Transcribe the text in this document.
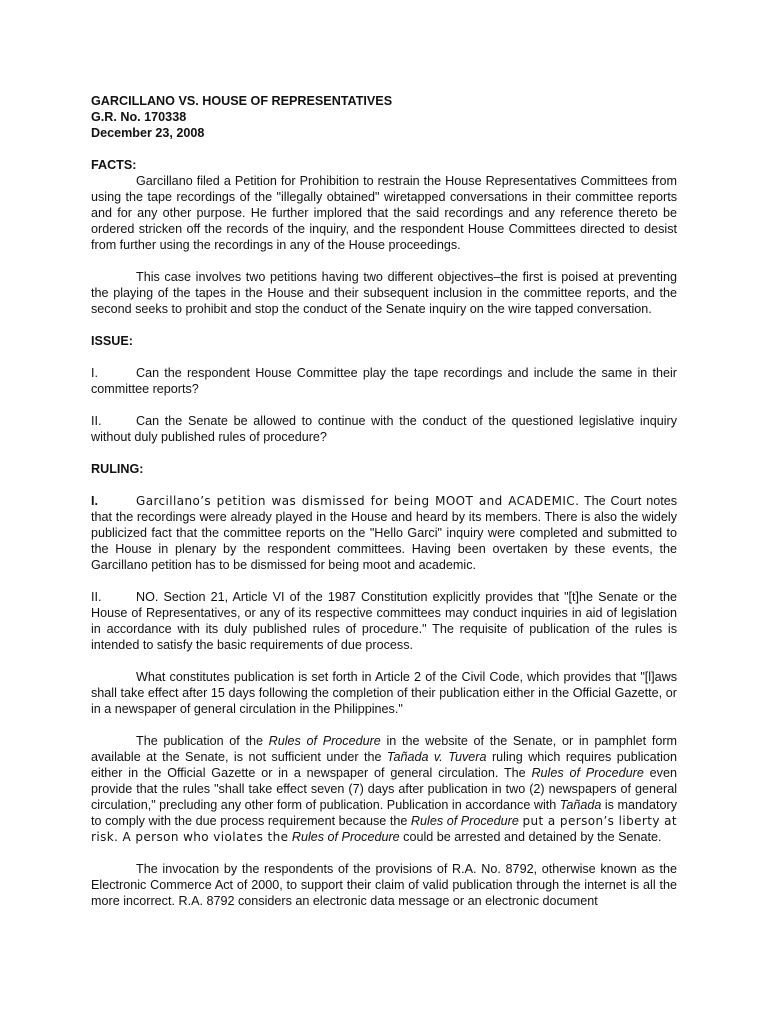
GARCILLANO VS. HOUSE OF REPRESENTATIVES

G.R. No. 170338

December 23, 2008

FACTS:

Garcillano filed a Petition for Prohibition to restrain the House Representatives Committees from using the tape recordings of the "illegally obtained" wiretapped conversations in their committee reports and for any other purpose. He further implored that the said recordings and any reference thereto be ordered stricken off the records of the inquiry, and the respondent House Committees directed to desist from further using the recordings in any of the House proceedings.

This case involves two petitions having two different objectives–the first is poised at preventing the playing of the tapes in the House and their subsequent inclusion in the committee reports, and the second seeks to prohibit and stop the conduct of the Senate inquiry on the wire tapped conversation.

ISSUE:

I.	Can the respondent House Committee play the tape recordings and include the same in their committee reports?

II.	Can the Senate be allowed to continue with the conduct of the questioned legislative inquiry without duly published rules of procedure?

RULING:

I.	Garcillano’s petition was dismissed for being MOOT and ACADEMIC. The Court notes that the recordings were already played in the House and heard by its members. There is also the widely publicized fact that the committee reports on the "Hello Garci" inquiry were completed and submitted to the House in plenary by the respondent committees. Having been overtaken by these events, the Garcillano petition has to be dismissed for being moot and academic.

II.	NO. Section 21, Article VI of the 1987 Constitution explicitly provides that "[t]he Senate or the House of Representatives, or any of its respective committees may conduct inquiries in aid of legislation in accordance with its duly published rules of procedure." The requisite of publication of the rules is intended to satisfy the basic requirements of due process.

What constitutes publication is set forth in Article 2 of the Civil Code, which provides that "[l]aws shall take effect after 15 days following the completion of their publication either in the Official Gazette, or in a newspaper of general circulation in the Philippines."

The publication of the Rules of Procedure in the website of the Senate, or in pamphlet form available at the Senate, is not sufficient under the Tañada v. Tuvera ruling which requires publication either in the Official Gazette or in a newspaper of general circulation. The Rules of Procedure even provide that the rules "shall take effect seven (7) days after publication in two (2) newspapers of general circulation," precluding any other form of publication. Publication in accordance with Tañada is mandatory to comply with the due process requirement because the Rules of Procedure put a person’s liberty at risk. A person who violates the Rules of Procedure could be arrested and detained by the Senate.

The invocation by the respondents of the provisions of R.A. No. 8792, otherwise known as the Electronic Commerce Act of 2000, to support their claim of valid publication through the internet is all the more incorrect. R.A. 8792 considers an electronic data message or an electronic document
